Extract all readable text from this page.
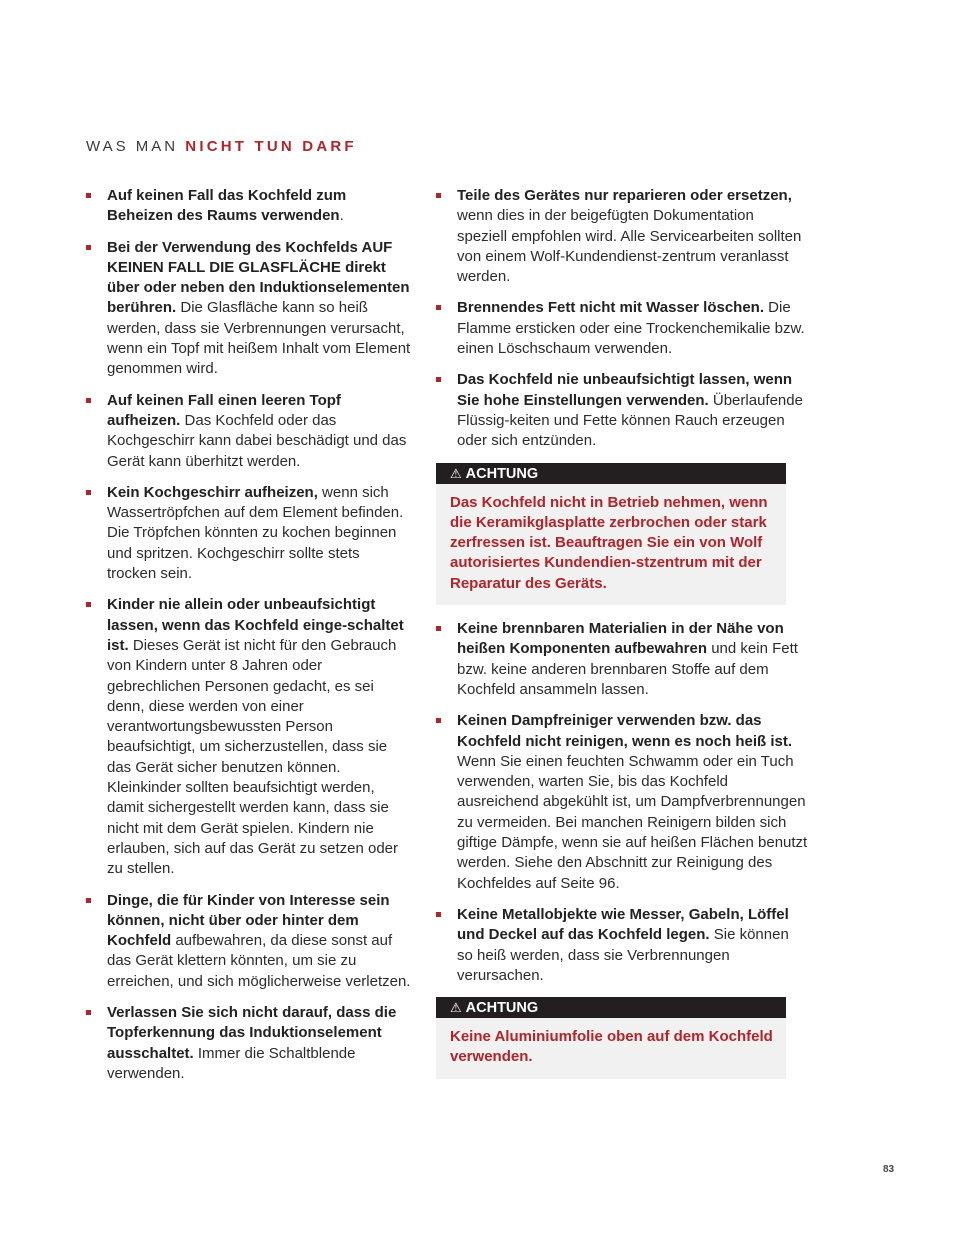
WAS MAN NICHT TUN DARF
Auf keinen Fall das Kochfeld zum Beheizen des Raums verwenden.
Bei der Verwendung des Kochfelds AUF KEINEN FALL DIE GLASFLÄCHE direkt über oder neben den Induktionselementen berühren. Die Glasfläche kann so heiß werden, dass sie Verbrennungen verursacht, wenn ein Topf mit heißem Inhalt vom Element genommen wird.
Auf keinen Fall einen leeren Topf aufheizen. Das Kochfeld oder das Kochgeschirr kann dabei beschädigt und das Gerät kann überhitzt werden.
Kein Kochgeschirr aufheizen, wenn sich Wassertröpfchen auf dem Element befinden. Die Tröpfchen könnten zu kochen beginnen und spritzen. Kochgeschirr sollte stets trocken sein.
Kinder nie allein oder unbeaufsichtigt lassen, wenn das Kochfeld einge-schaltet ist. Dieses Gerät ist nicht für den Gebrauch von Kindern unter 8 Jahren oder gebrechlichen Personen gedacht, es sei denn, diese werden von einer verantwortungsbewussten Person beaufsichtigt, um sicherzustellen, dass sie das Gerät sicher benutzen können. Kleinkinder sollten beaufsichtigt werden, damit sichergestellt werden kann, dass sie nicht mit dem Gerät spielen. Kindern nie erlauben, sich auf das Gerät zu setzen oder zu stellen.
Dinge, die für Kinder von Interesse sein können, nicht über oder hinter dem Kochfeld aufbewahren, da diese sonst auf das Gerät klettern könnten, um sie zu erreichen, und sich möglicherweise verletzen.
Verlassen Sie sich nicht darauf, dass die Topferkennung das Induktionselement ausschaltet. Immer die Schaltblende verwenden.
Teile des Gerätes nur reparieren oder ersetzen, wenn dies in der beigefügten Dokumentation speziell empfohlen wird. Alle Servicearbeiten sollten von einem Wolf-Kundendienst-zentrum veranlasst werden.
Brennendes Fett nicht mit Wasser löschen. Die Flamme ersticken oder eine Trockenchemikalie bzw. einen Löschschaum verwenden.
Das Kochfeld nie unbeaufsichtigt lassen, wenn Sie hohe Einstellungen verwenden. Überlaufende Flüssig-keiten und Fette können Rauch erzeugen oder sich entzünden.
⚠ ACHTUNG
Das Kochfeld nicht in Betrieb nehmen, wenn die Keramikglasplatte zerbrochen oder stark zerfressen ist. Beauftragen Sie ein von Wolf autorisiertes Kundendien-stzentrum mit der Reparatur des Geräts.
Keine brennbaren Materialien in der Nähe von heißen Komponenten aufbewahren und kein Fett bzw. keine anderen brennbaren Stoffe auf dem Kochfeld ansammeln lassen.
Keinen Dampfreiniger verwenden bzw. das Kochfeld nicht reinigen, wenn es noch heiß ist. Wenn Sie einen feuchten Schwamm oder ein Tuch verwenden, warten Sie, bis das Kochfeld ausreichend abgekühlt ist, um Dampfverbrennungen zu vermeiden. Bei manchen Reinigern bilden sich giftige Dämpfe, wenn sie auf heißen Flächen benutzt werden. Siehe den Abschnitt zur Reinigung des Kochfeldes auf Seite 96.
Keine Metallobjekte wie Messer, Gabeln, Löffel und Deckel auf das Kochfeld legen. Sie können so heiß werden, dass sie Verbrennungen verursachen.
⚠ ACHTUNG
Keine Aluminiumfolie oben auf dem Kochfeld verwenden.
83
